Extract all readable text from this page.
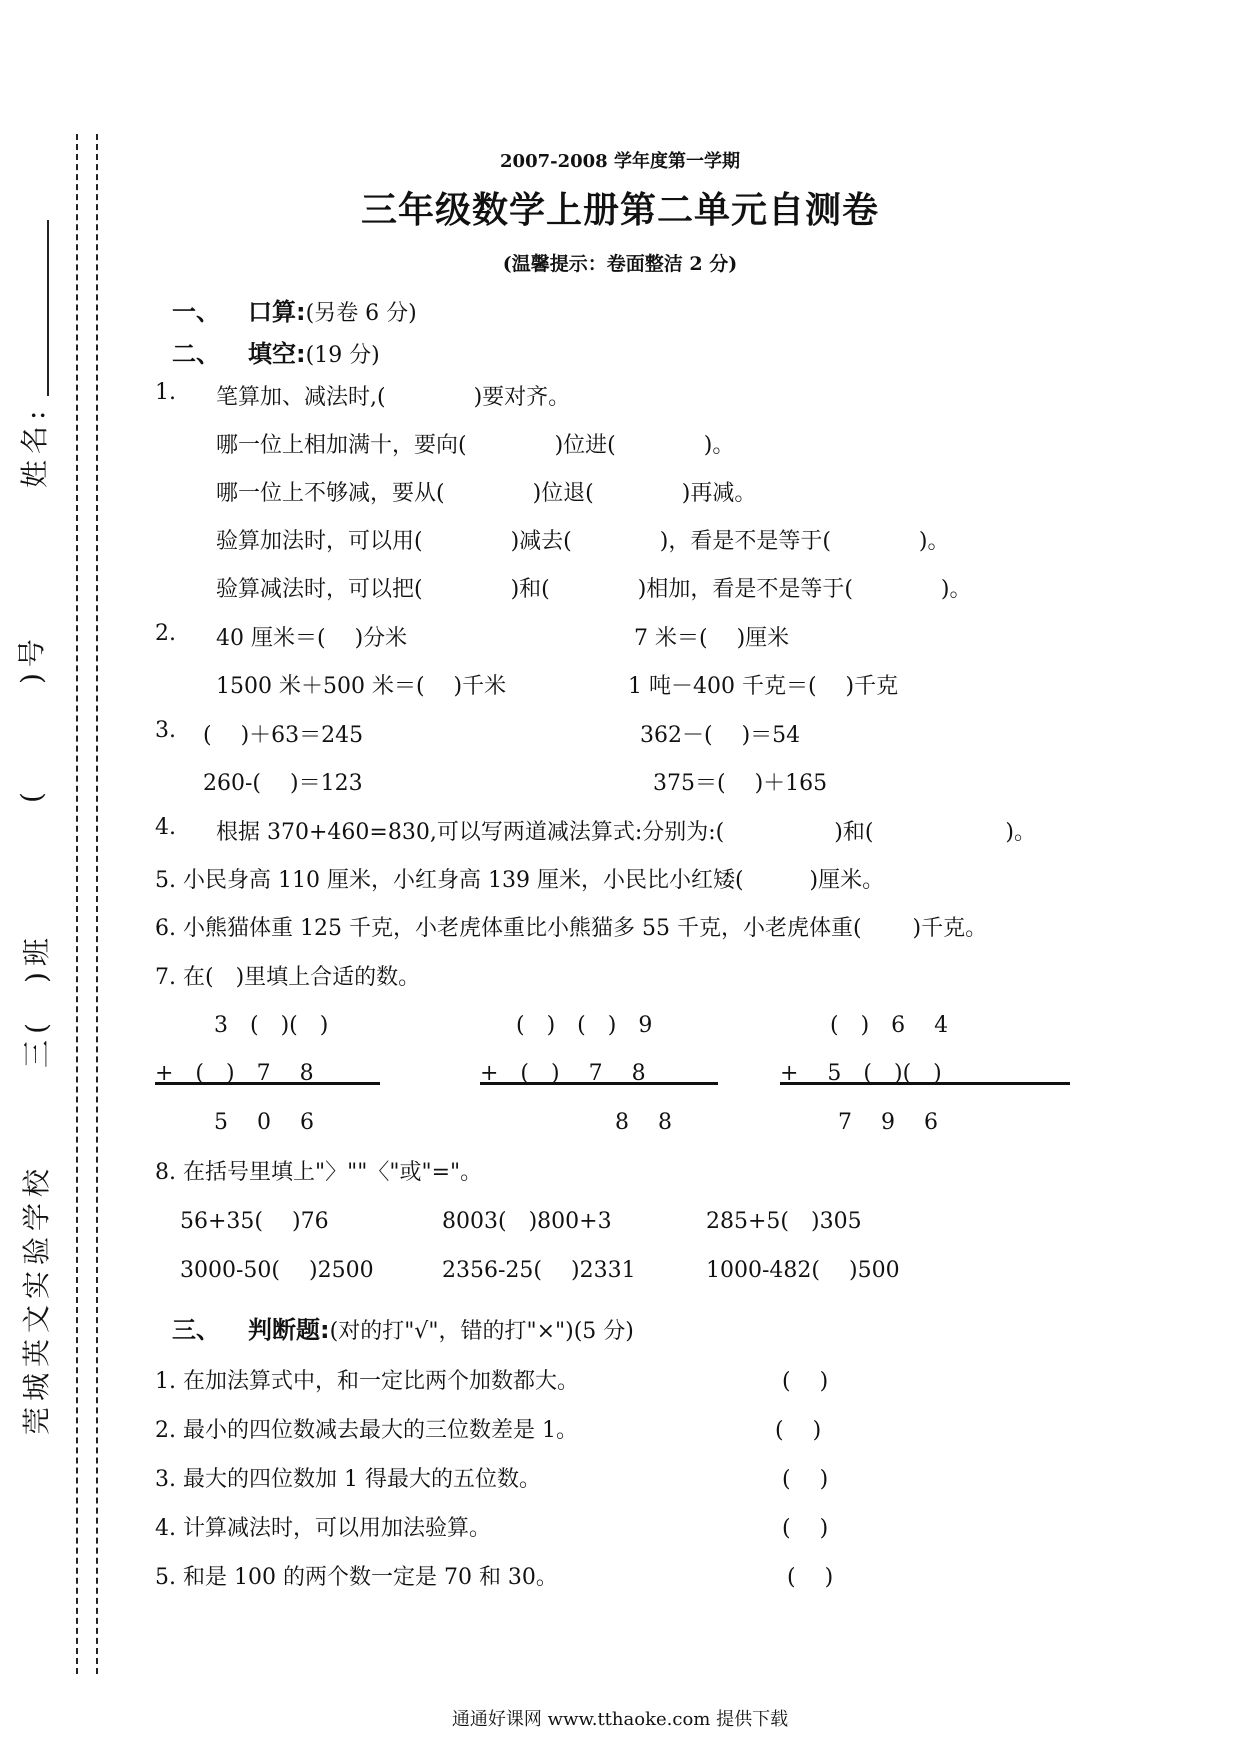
姓名:
(　　　)号
三(　)班
莞城英文实验学校
2007-2008 学年度第一学期
三年级数学上册第二单元自测卷
(温馨提示：卷面整洁 2 分)
一、 口算:(另卷 6 分)
二、 填空:(19 分)
1. 笔算加、减法时,(　　　　)要对齐。
哪一位上相加满十，要向(　　　　)位进(　　　　)。
哪一位上不够减，要从(　　　　)位退(　　　　)再减。
验算加法时，可以用(　　　　)减去(　　　　)，看是不是等于(　　　　)。
验算减法时，可以把(　　　　)和(　　　　)相加，看是不是等于(　　　　)。
2. 40 厘米＝(　 )分米	7 米＝(　 )厘米
1500 米＋500 米＝(　 )千米	1 吨－400 千克＝(　 )千克
3. (　 )＋63＝245	362－(　 )＝54
260-(　 )＝123	375＝(　 )＋165
4. 根据 370+460=830,可以写两道减法算式:分别为:(　　　　　)和(　　　　　　)。
5. 小民身高 110 厘米，小红身高 139 厘米，小民比小红矮(　　　)厘米。
6. 小熊猫体重 125 千克，小老虎体重比小熊猫多 55 千克，小老虎体重(　　 )千克。
7. 在(　)里填上合适的数。
3　(　)(　)
+　(　)　7　 8
5　 0　 6
(　)　(　)　9
+　(　)　 7　 8
8　 8
(　)　6　 4
+　 5　(　)(　)
7　 9　 6
8. 在括号里填上"〉""〈"或"="。
56+35(　 )76	8003(　)800+3	285+5(　)305
3000-50(　 )2500	2356-25(　 )2331	1000-482(　 )500
三、 判断题:(对的打"√"，错的打"×")(5 分)
1. 在加法算式中，和一定比两个加数都大。	(　 )
2. 最小的四位数减去最大的三位数差是 1。	(　 )
3. 最大的四位数加 1 得最大的五位数。	(　 )
4. 计算减法时，可以用加法验算。	(　 )
5. 和是 100 的两个数一定是 70 和 30。	(　 )
通通好课网 www.tthaoke.com 提供下载
